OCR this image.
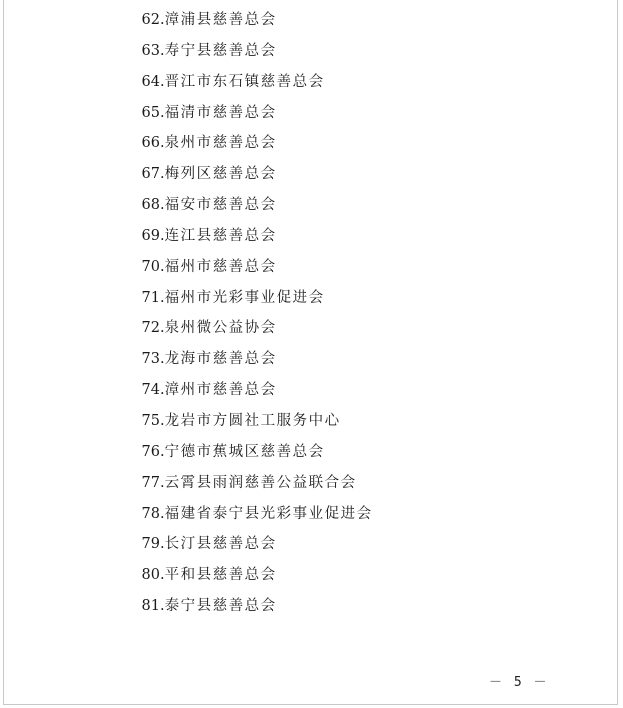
62.漳浦县慈善总会
63.寿宁县慈善总会
64.晋江市东石镇慈善总会
65.福清市慈善总会
66.泉州市慈善总会
67.梅列区慈善总会
68.福安市慈善总会
69.连江县慈善总会
70.福州市慈善总会
71.福州市光彩事业促进会
72.泉州微公益协会
73.龙海市慈善总会
74.漳州市慈善总会
75.龙岩市方圆社工服务中心
76.宁德市蕉城区慈善总会
77.云霄县雨润慈善公益联合会
78.福建省泰宁县光彩事业促进会
79.长汀县慈善总会
80.平和县慈善总会
81.泰宁县慈善总会
－ 5 －
